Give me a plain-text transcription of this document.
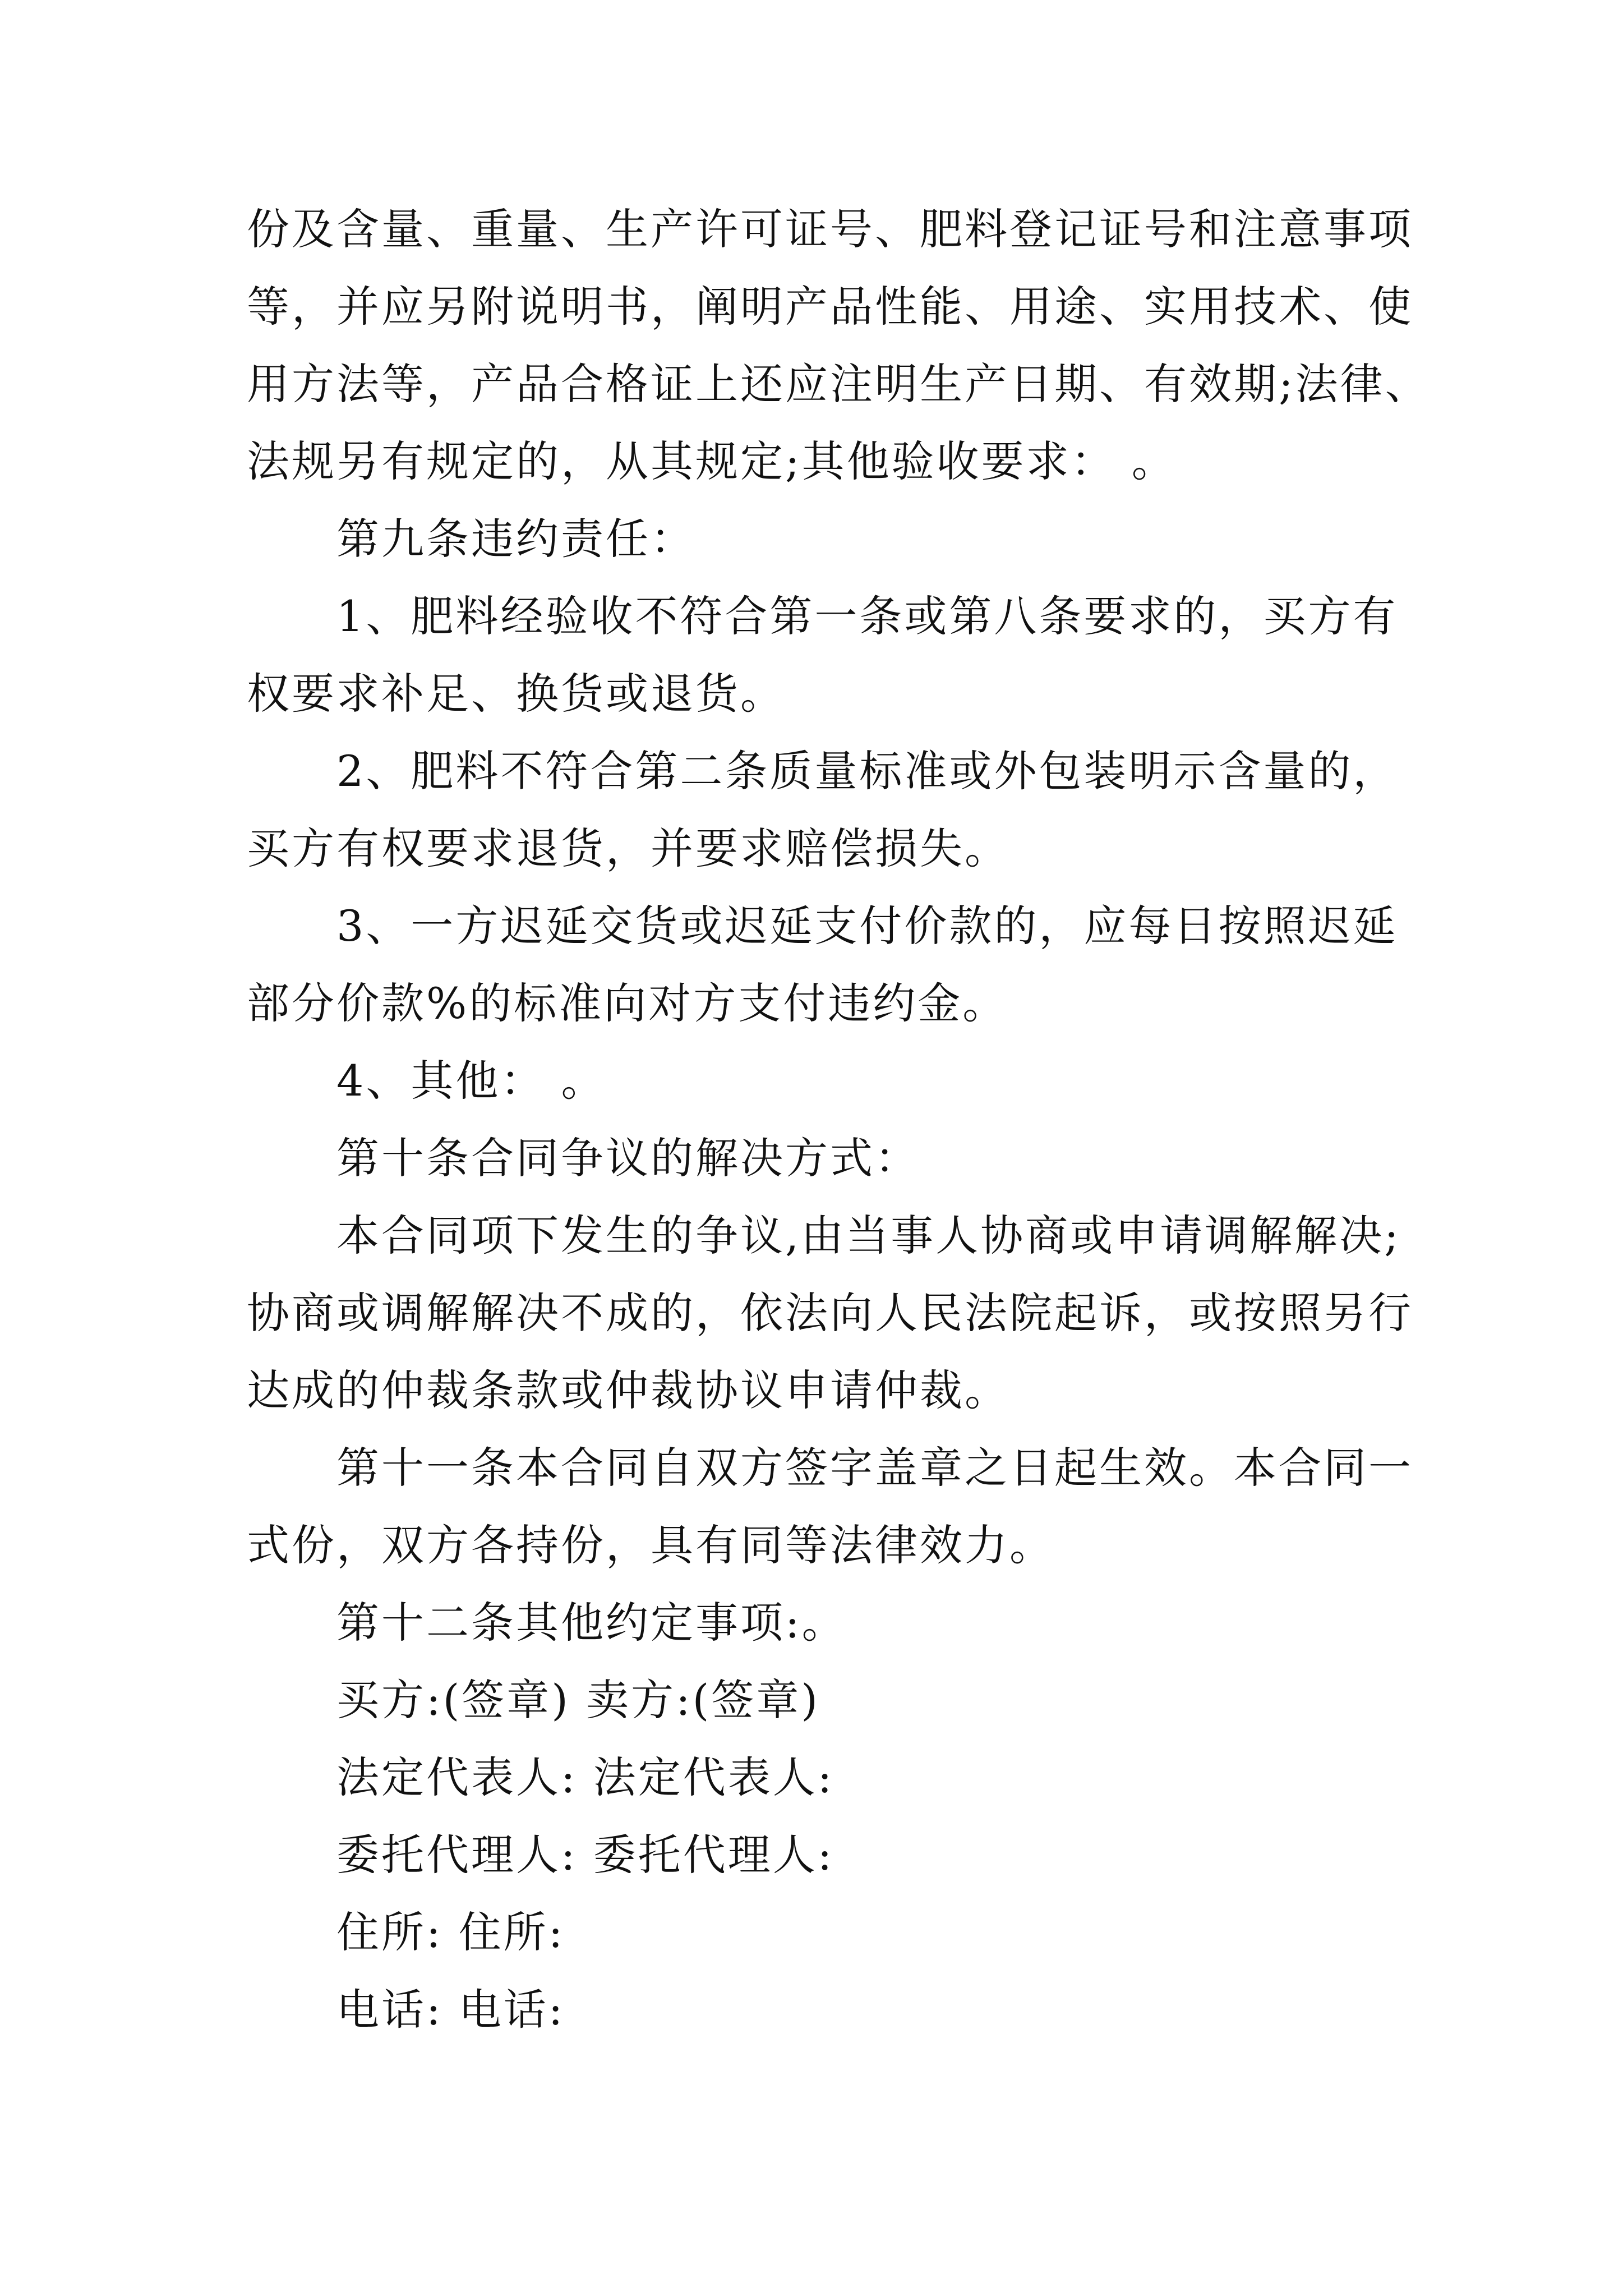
份及含量、重量、生产许可证号、肥料登记证号和注意事项
等，并应另附说明书，阐明产品性能、用途、实用技术、使
用方法等，产品合格证上还应注明生产日期、有效期;法律、
法规另有规定的，从其规定;其他验收要求： 。
第九条违约责任：
1、肥料经验收不符合第一条或第八条要求的，买方有
权要求补足、换货或退货。
2、肥料不符合第二条质量标准或外包装明示含量的，
买方有权要求退货，并要求赔偿损失。
3、一方迟延交货或迟延支付价款的，应每日按照迟延
部分价款%的标准向对方支付违约金。
4、其他： 。
第十条合同争议的解决方式：
本合同项下发生的争议,由当事人协商或申请调解解决;
协商或调解解决不成的，依法向人民法院起诉，或按照另行
达成的仲裁条款或仲裁协议申请仲裁。
第十一条本合同自双方签字盖章之日起生效。本合同一
式份，双方各持份，具有同等法律效力。
第十二条其他约定事项:。
买方:(签章) 卖方:(签章)
法定代表人: 法定代表人:
委托代理人: 委托代理人:
住所: 住所:
电话: 电话:
